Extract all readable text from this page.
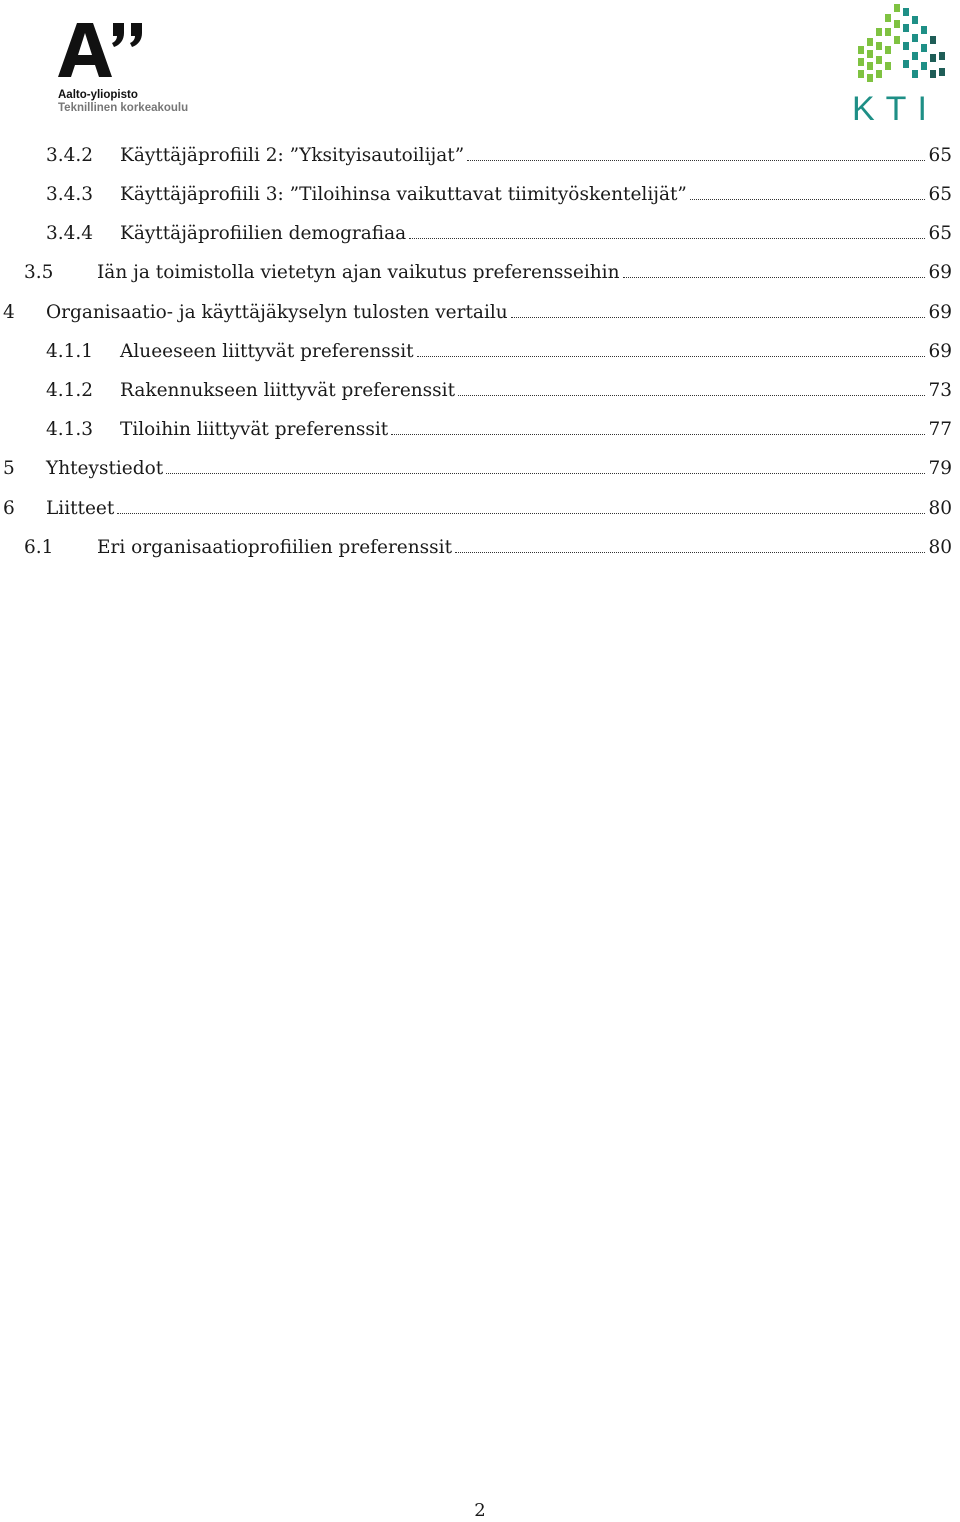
Aalto-yliopisto
Teknillinen korkeakoulu	KTI
3.4.2 Käyttäjäprofiili 2: ”Yksityisautoilijat”	65
3.4.3 Käyttäjäprofiili 3: ”Tiloihinsa vaikuttavat tiimityöskentelijät”	65
3.4.4 Käyttäjäprofiilien demografiaa	65
3.5 Iän ja toimistolla vietetyn ajan vaikutus preferensseihin	69
4 Organisaatio- ja käyttäjäkyselyn tulosten vertailu	69
4.1.1 Alueeseen liittyvät preferenssit	69
4.1.2 Rakennukseen liittyvät preferenssit	73
4.1.3 Tiloihin liittyvät preferenssit	77
5 Yhteystiedot	79
6 Liitteet	80
6.1 Eri organisaatioprofiilien preferenssit	80
2
